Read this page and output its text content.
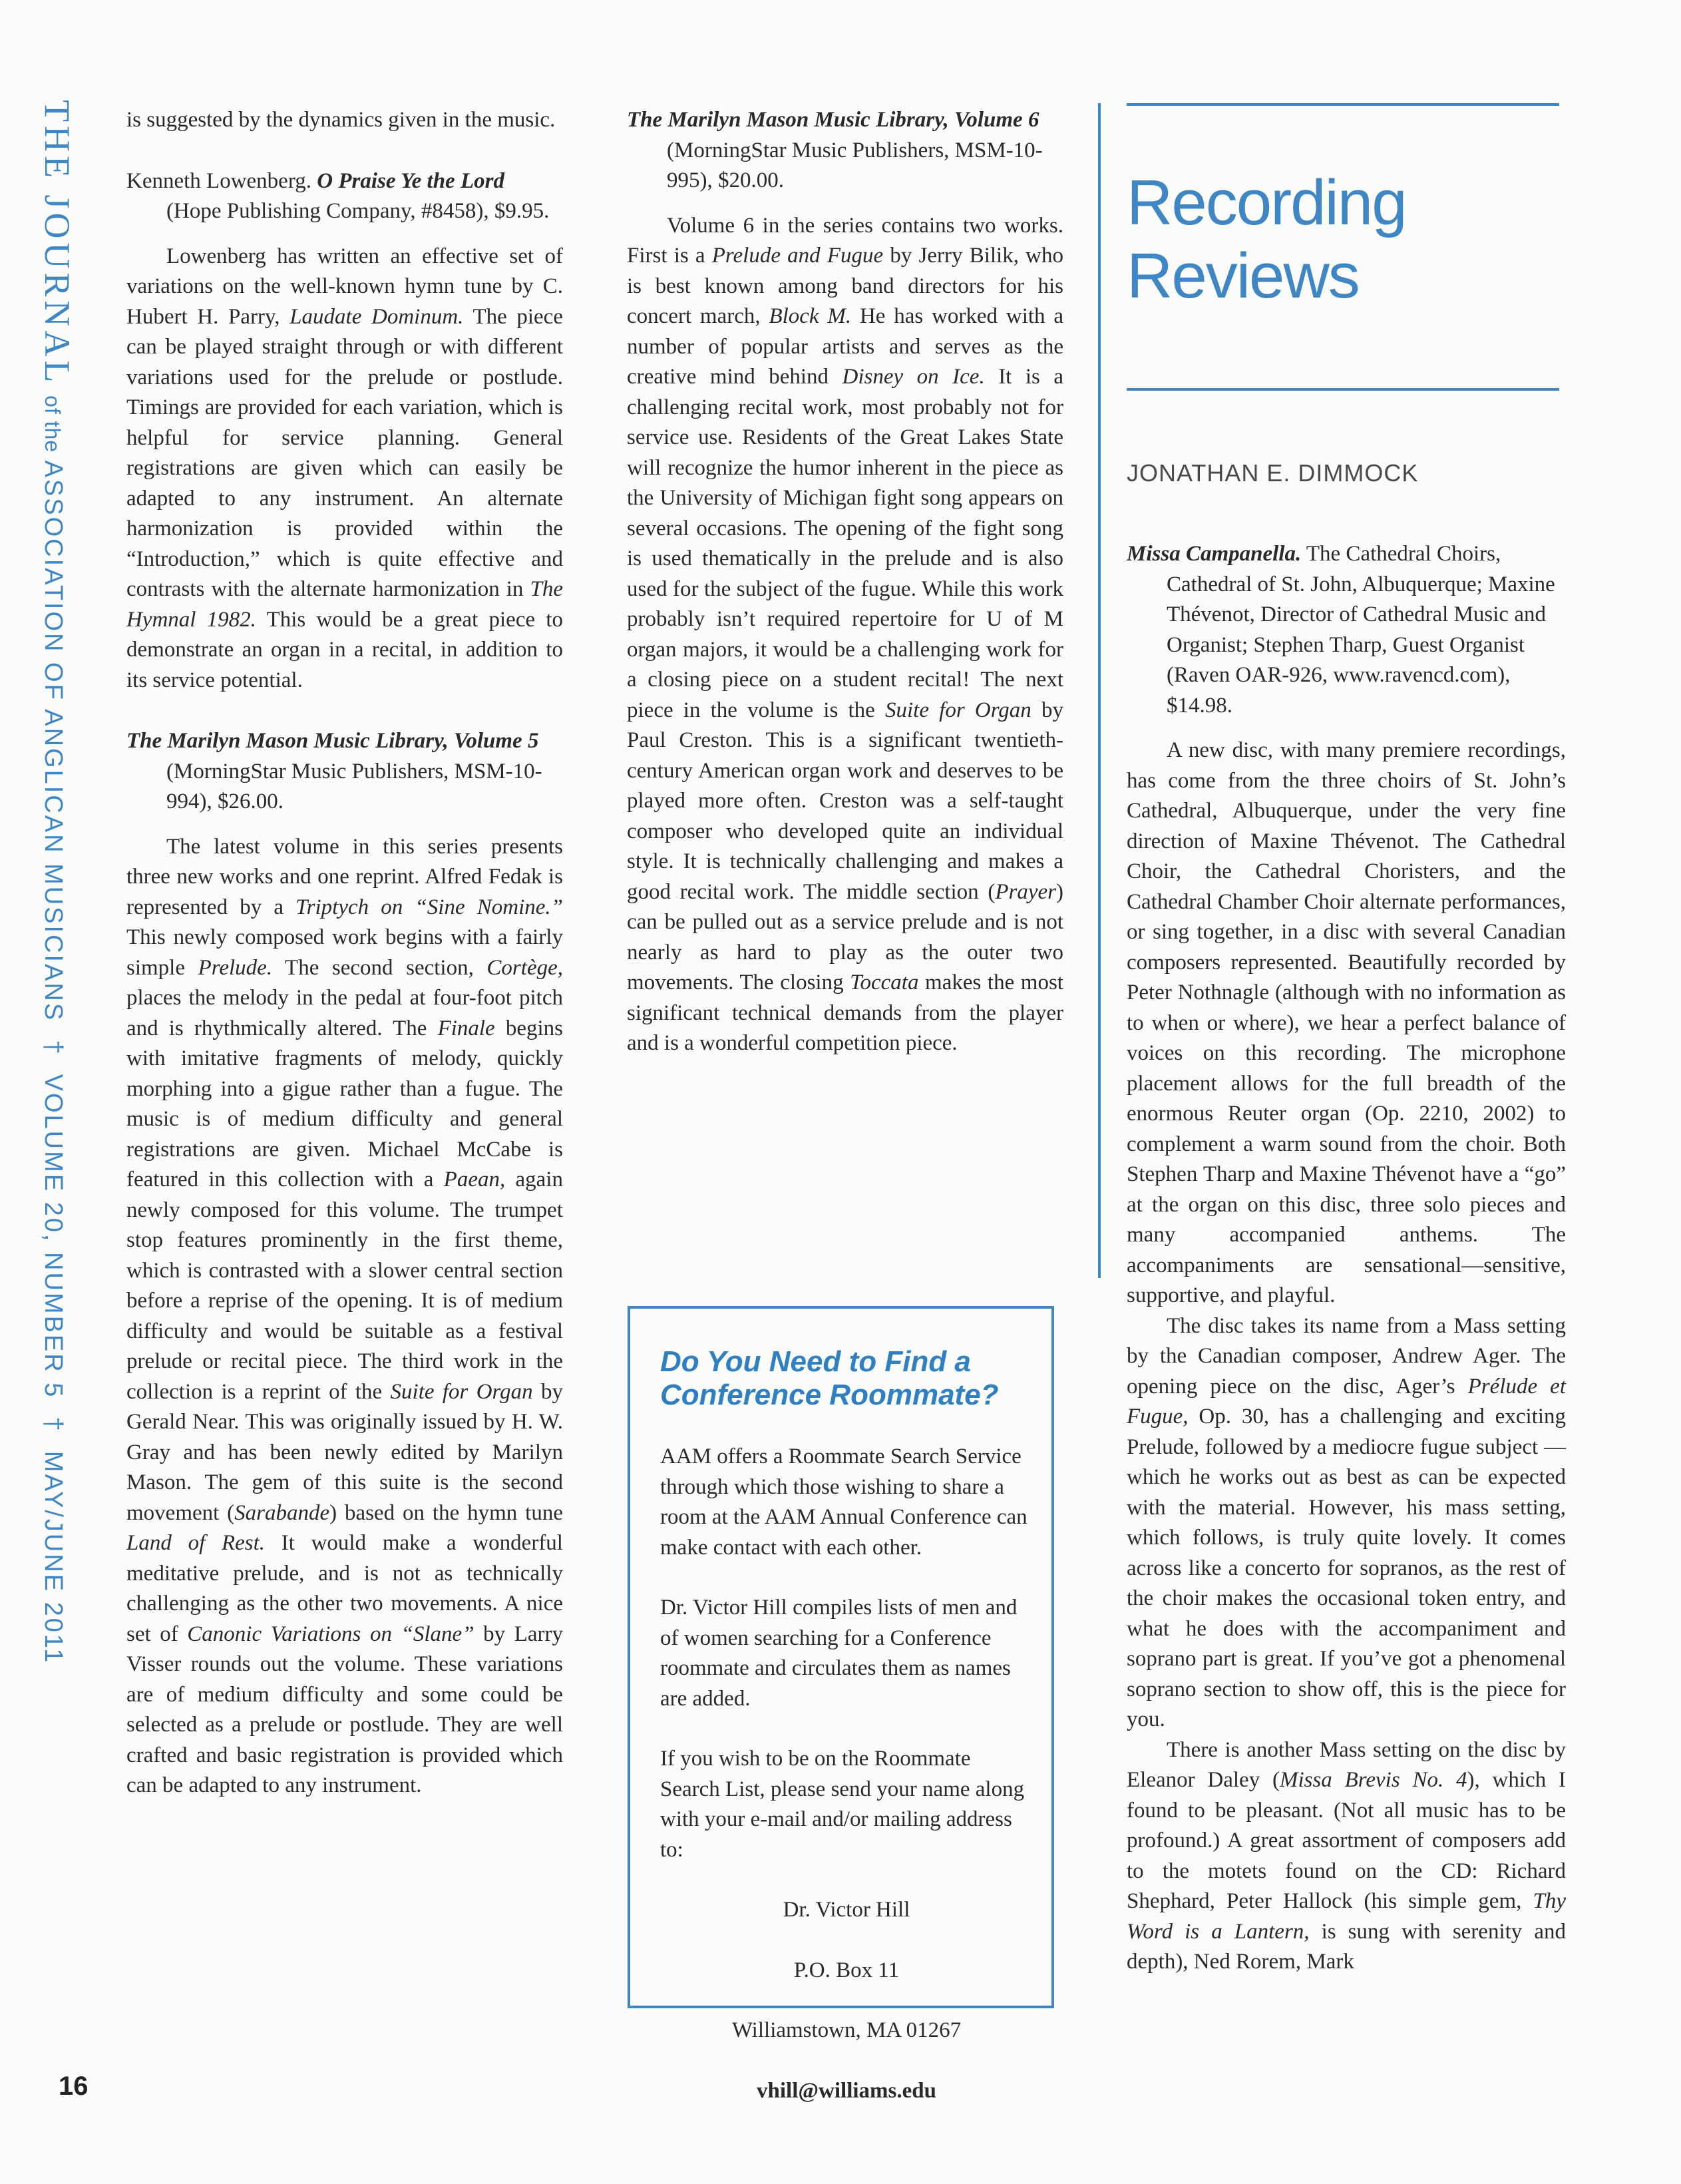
THE JOURNAL of the ASSOCIATION OF ANGLICAN MUSICIANS  †  VOLUME 20, NUMBER 5  †  MAY/JUNE 2011

is suggested by the dynamics given in the music.

Kenneth Lowenberg. O Praise Ye the Lord (Hope Publishing Company, #8458), $9.95.

Lowenberg has written an effective set of variations on the well-known hymn tune by C. Hubert H. Parry, Laudate Dominum. The piece can be played straight through or with different variations used for the prelude or postlude. Timings are provided for each variation, which is helpful for service planning. General registrations are given which can easily be adapted to any instrument. An alternate harmonization is provided within the “Introduction,” which is quite effective and contrasts with the alternate harmonization in The Hymnal 1982. This would be a great piece to demonstrate an organ in a recital, in addition to its service potential.

The Marilyn Mason Music Library, Volume 5 (MorningStar Music Publishers, MSM-10-994), $26.00.

The latest volume in this series presents three new works and one reprint. Alfred Fedak is represented by a Triptych on “Sine Nomine.” This newly composed work begins with a fairly simple Prelude. The second section, Cortège, places the melody in the pedal at four-foot pitch and is rhythmically altered. The Finale begins with imitative fragments of melody, quickly morphing into a gigue rather than a fugue. The music is of medium difficulty and general registrations are given. Michael McCabe is featured in this collection with a Paean, again newly composed for this volume. The trumpet stop features prominently in the first theme, which is contrasted with a slower central section before a reprise of the opening. It is of medium difficulty and would be suitable as a festival prelude or recital piece. The third work in the collection is a reprint of the Suite for Organ by Gerald Near. This was originally issued by H. W. Gray and has been newly edited by Marilyn Mason. The gem of this suite is the second movement (Sarabande) based on the hymn tune Land of Rest. It would make a wonderful meditative prelude, and is not as technically challenging as the other two movements. A nice set of Canonic Variations on “Slane” by Larry Visser rounds out the volume. These variations are of medium difficulty and some could be selected as a prelude or postlude. They are well crafted and basic registration is provided which can be adapted to any instrument.

The Marilyn Mason Music Library, Volume 6 (MorningStar Music Publishers, MSM-10-995), $20.00.

Volume 6 in the series contains two works. First is a Prelude and Fugue by Jerry Bilik, who is best known among band directors for his concert march, Block M. He has worked with a number of popular artists and serves as the creative mind behind Disney on Ice. It is a challenging recital work, most probably not for service use. Residents of the Great Lakes State will recognize the humor inherent in the piece as the University of Michigan fight song appears on several occasions. The opening of the fight song is used thematically in the prelude and is also used for the subject of the fugue. While this work probably isn’t required repertoire for U of M organ majors, it would be a challenging work for a closing piece on a student recital! The next piece in the volume is the Suite for Organ by Paul Creston. This is a significant twentieth-century American organ work and deserves to be played more often. Creston was a self-taught composer who developed quite an individual style. It is technically challenging and makes a good recital work. The middle section (Prayer) can be pulled out as a service prelude and is not nearly as hard to play as the outer two movements. The closing Toccata makes the most significant technical demands from the player and is a wonderful competition piece.

Do You Need to Find a Conference Roommate?

AAM offers a Roommate Search Service through which those wishing to share a room at the AAM Annual Conference can make contact with each other.

Dr. Victor Hill compiles lists of men and of women searching for a Conference roommate and circulates them as names are added.

If you wish to be on the Roommate Search List, please send your name along with your e-mail and/or mailing address to:

Dr. Victor Hill

P.O. Box 11

Williamstown, MA 01267

vhill@williams.edu

Recording
Reviews
JONATHAN E. DIMMOCK

Missa Campanella. The Cathedral Choirs, Cathedral of St. John, Albuquerque; Maxine Thévenot, Director of Cathedral Music and Organist; Stephen Tharp, Guest Organist (Raven OAR-926, www.ravencd.com), $14.98.

A new disc, with many premiere recordings, has come from the three choirs of St. John’s Cathedral, Albuquerque, under the very fine direction of Maxine Thévenot. The Cathedral Choir, the Cathedral Choristers, and the Cathedral Chamber Choir alternate performances, or sing together, in a disc with several Canadian composers represented. Beautifully recorded by Peter Nothnagle (although with no information as to when or where), we hear a perfect balance of voices on this recording. The microphone placement allows for the full breadth of the enormous Reuter organ (Op. 2210, 2002) to complement a warm sound from the choir. Both Stephen Tharp and Maxine Thévenot have a “go” at the organ on this disc, three solo pieces and many accompanied anthems. The accompaniments are sensational—sensitive, supportive, and playful.

The disc takes its name from a Mass setting by the Canadian composer, Andrew Ager. The opening piece on the disc, Ager’s Prélude et Fugue, Op. 30, has a challenging and exciting Prelude, followed by a mediocre fugue subject —which he works out as best as can be expected with the material. However, his mass setting, which follows, is truly quite lovely. It comes across like a concerto for sopranos, as the rest of the choir makes the occasional token entry, and what he does with the accompaniment and soprano part is great. If you’ve got a phenomenal soprano section to show off, this is the piece for you.

There is another Mass setting on the disc by Eleanor Daley (Missa Brevis No. 4), which I found to be pleasant. (Not all music has to be profound.) A great assortment of composers add to the motets found on the CD: Richard Shephard, Peter Hallock (his simple gem, Thy Word is a Lantern, is sung with serenity and depth), Ned Rorem, Mark

16
